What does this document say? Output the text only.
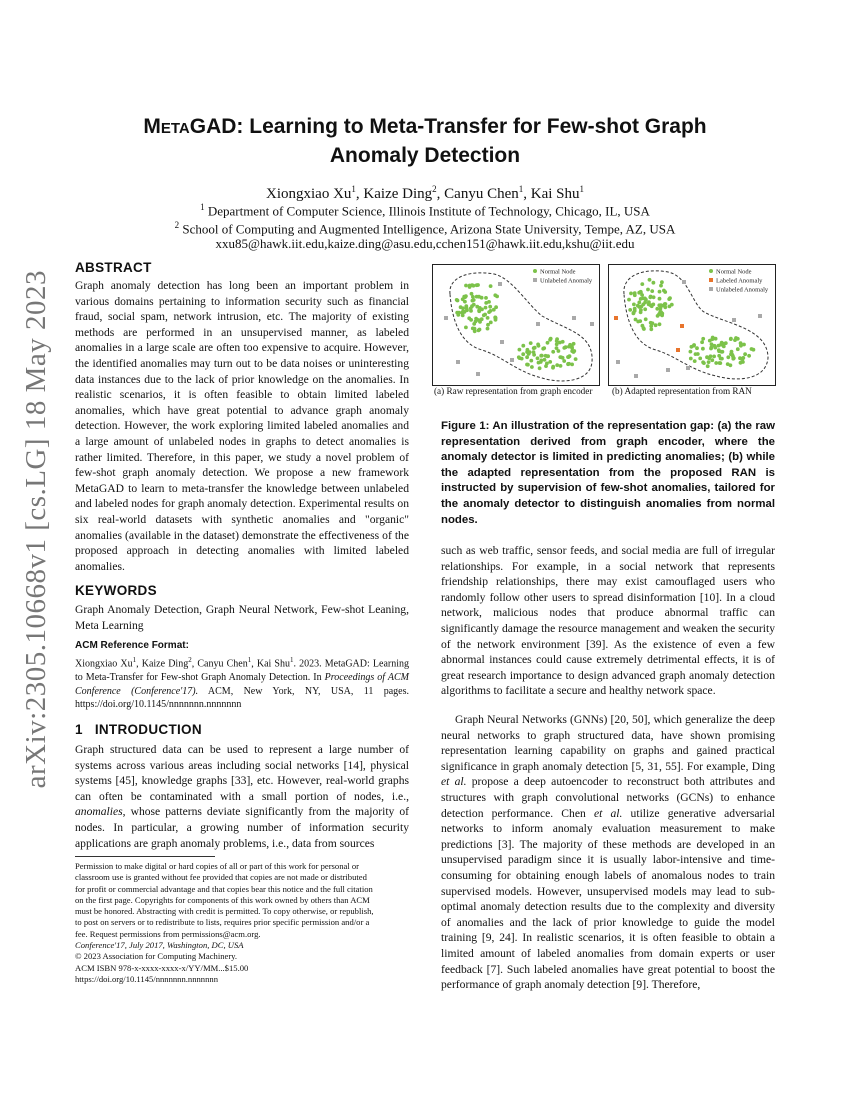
arXiv:2305.10668v1 [cs.LG] 18 May 2023
MetaGAD: Learning to Meta-Transfer for Few-shot Graph
Anomaly Detection
Xiongxiao Xu$^1$, Kaize Ding$^2$, Canyu Chen$^1$, Kai Shu$^1$
$^1$ Department of Computer Science, Illinois Institute of Technology, Chicago, IL, USA
$^2$ School of Computing and Augmented Intelligence, Arizona State University, Tempe, AZ, USA
xxu85@hawk.iit.edu,kaize.ding@asu.edu,cchen151@hawk.iit.edu,kshu@iit.edu
ABSTRACT

Graph anomaly detection has long been an important problem in various domains pertaining to information security such as financial fraud, social spam, network intrusion, etc. The majority of existing methods are performed in an unsupervised manner, as labeled anomalies in a large scale are often too expensive to acquire. However, the identified anomalies may turn out to be data noises or uninteresting data instances due to the lack of prior knowledge on the anomalies. In realistic scenarios, it is often feasible to obtain limited labeled anomalies, which have great potential to advance graph anomaly detection. However, the work exploring limited labeled anomalies and a large amount of unlabeled nodes in graphs to detect anomalies is rather limited. Therefore, in this paper, we study a novel problem of few-shot graph anomaly detection. We propose a new framework MetaGAD to learn to meta-transfer the knowledge between unlabeled and labeled nodes for graph anomaly detection. Experimental results on six real-world datasets with synthetic anomalies and "organic" anomalies (available in the dataset) demonstrate the effectiveness of the proposed approach in detecting anomalies with limited labeled anomalies.

KEYWORDS

Graph Anomaly Detection, Graph Neural Network, Few-shot Leaning, Meta Learning

ACM Reference Format:

Xiongxiao Xu$^1$, Kaize Ding$^2$, Canyu Chen$^1$, Kai Shu$^1$. 2023. MetaGAD: Learning to Meta-Transfer for Few-shot Graph Anomaly Detection. In Proceedings of ACM Conference (Conference'17). ACM, New York, NY, USA, 11 pages. https://doi.org/10.1145/nnnnnnn.nnnnnnn

1 INTRODUCTION

Graph structured data can be used to represent a large number of systems across various areas including social networks [14], physical systems [45], knowledge graphs [33], etc. However, real-world graphs can often be contaminated with a small portion of nodes, i.e., anomalies, whose patterns deviate significantly from the majority of nodes. In particular, a growing number of information security applications are graph anomaly problems, i.e., data from sources

Permission to make digital or hard copies of all or part of this work for personal or
classroom use is granted without fee provided that copies are not made or distributed
for profit or commercial advantage and that copies bear this notice and the full citation
on the first page. Copyrights for components of this work owned by others than ACM
must be honored. Abstracting with credit is permitted. To copy otherwise, or republish,
to post on servers or to redistribute to lists, requires prior specific permission and/or a
fee. Request permissions from permissions@acm.org.
Conference'17, July 2017, Washington, DC, USA
© 2023 Association for Computing Machinery.
ACM ISBN 978-x-xxxx-xxxx-x/YY/MM...$15.00
https://doi.org/10.1145/nnnnnnn.nnnnnnn
Normal Node
Unlabeled Anomaly
Normal Node
Labeled Anomaly
Unlabeled Anomaly
(a) Raw representation from graph encoder (b) Adapted representation from RAN

Figure 1: An illustration of the representation gap: (a) the raw representation derived from graph encoder, where the anomaly detector is limited in predicting anomalies; (b) while the adapted representation from the proposed RAN is instructed by supervision of few-shot anomalies, tailored for the anomaly detector to distinguish anomalies from normal nodes.

such as web traffic, sensor feeds, and social media are full of irregular relationships. For example, in a social network that represents friendship relationships, there may exist camouflaged users who randomly follow other users to spread disinformation [10]. In a cloud network, malicious nodes that produce abnormal traffic can significantly damage the resource management and weaken the security of the network environment [39]. As the existence of even a few abnormal instances could cause extremely detrimental effects, it is of great research importance to design advanced graph anomaly detection algorithms to facilitate a secure and healthy network space.

Graph Neural Networks (GNNs) [20, 50], which generalize the deep neural networks to graph structured data, have shown promising representation learning capability on graphs and gained practical significance in graph anomaly detection [5, 31, 55]. For example, Ding et al. propose a deep autoencoder to reconstruct both attributes and structures with graph convolutional networks (GCNs) to enhance detection performance. Chen et al. utilize generative adversarial networks to inform anomaly evaluation measurement to make predictions [3]. The majority of these methods are developed in an unsupervised paradigm since it is usually labor-intensive and time-consuming for obtaining enough labels of anomalous nodes to train supervised models. However, unsupervised models may lead to sub-optimal anomaly detection results due to the complexity and diversity of anomalies and the lack of prior knowledge to guide the model training [9, 24]. In realistic scenarios, it is often feasible to obtain a limited amount of labeled anomalies from domain experts or user feedback [7]. Such labeled anomalies have great potential to boost the performance of graph anomaly detection [9]. Therefore,
